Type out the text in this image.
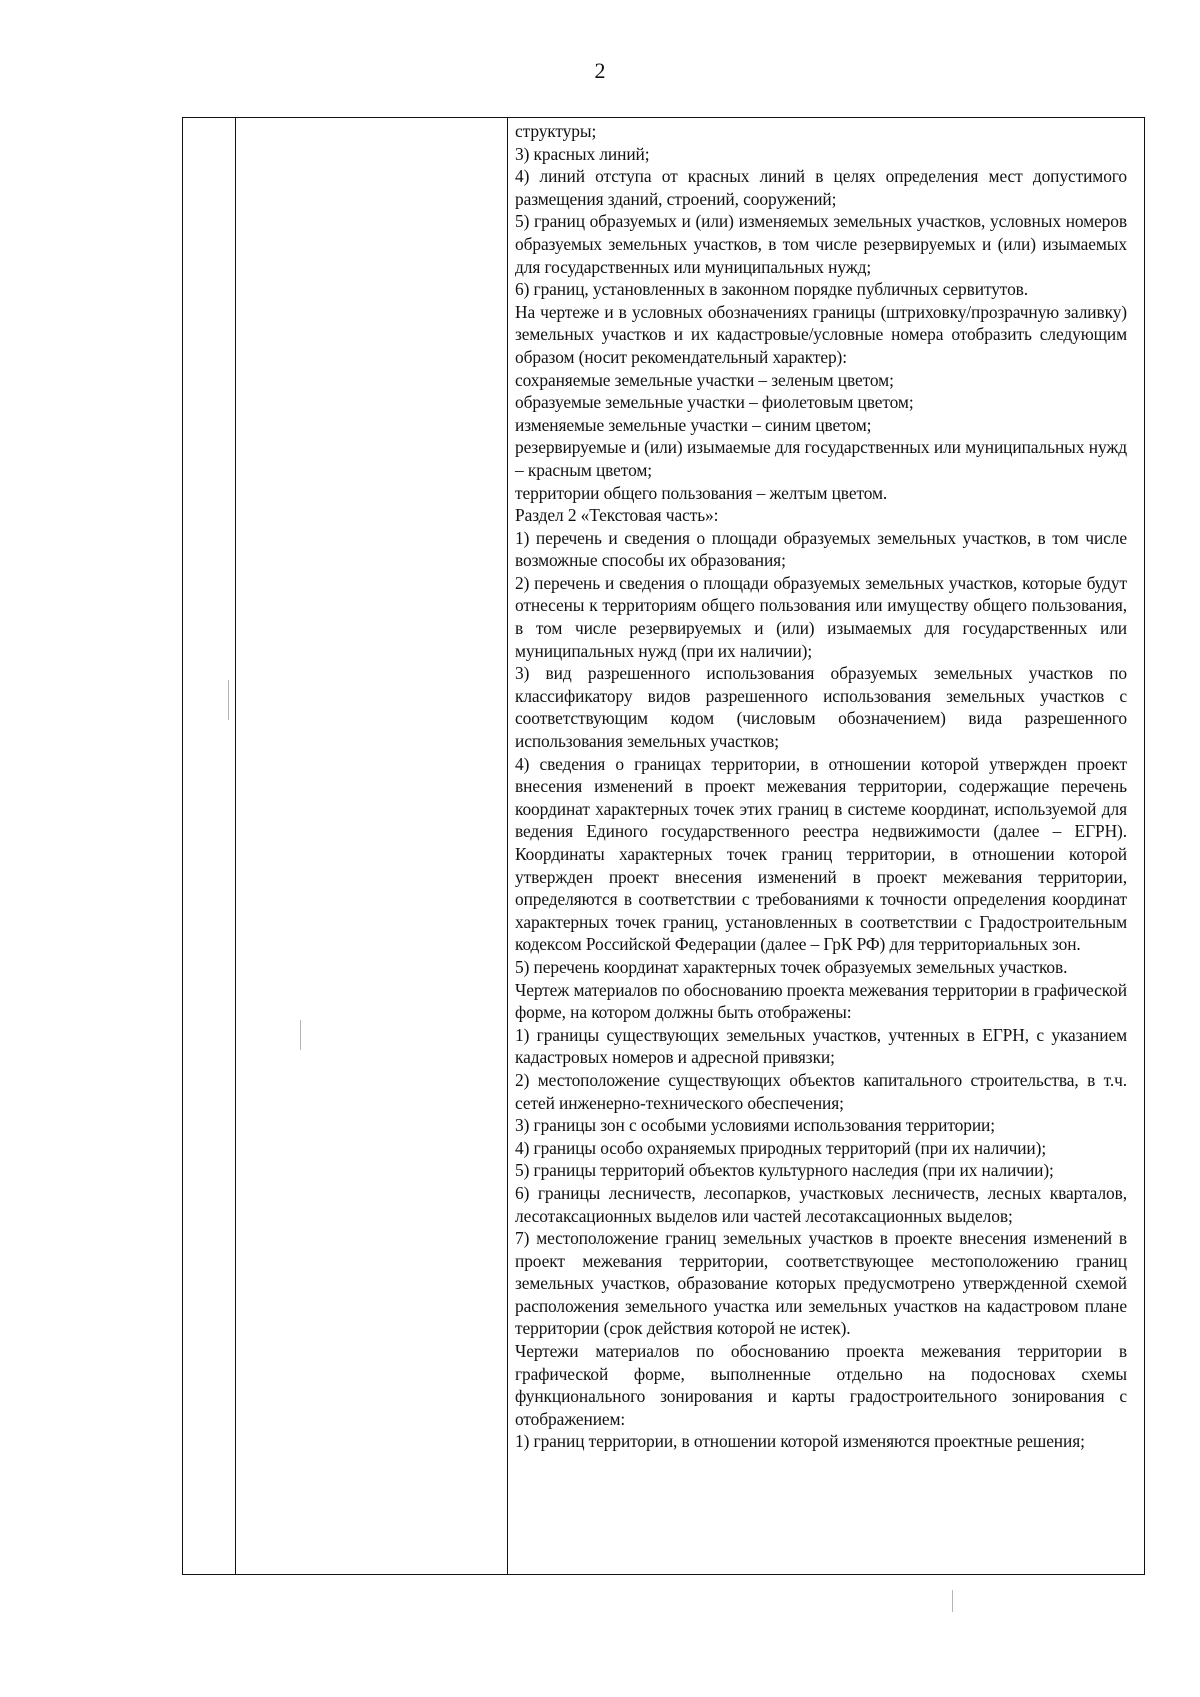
2

структуры;

3) красных линий;

4) линий отступа от красных линий в целях определения мест допустимого размещения зданий, строений, сооружений;

5) границ образуемых и (или) изменяемых земельных участков, условных номеров образуемых земельных участков, в том числе резервируемых и (или) изымаемых для государственных или муниципальных нужд;

6) границ, установленных в законном порядке публичных сервитутов.

На чертеже и в условных обозначениях границы (штриховку/прозрачную заливку) земельных участков и их кадастровые/условные номера отобразить следующим образом (носит рекомендательный характер):

сохраняемые земельные участки – зеленым цветом;

образуемые земельные участки – фиолетовым цветом;

изменяемые земельные участки – синим цветом;

резервируемые и (или) изымаемые для государственных или муниципальных нужд – красным цветом;

территории общего пользования – желтым цветом.

Раздел 2 «Текстовая часть»:

1) перечень и сведения о площади образуемых земельных участков, в том числе возможные способы их образования;

2) перечень и сведения о площади образуемых земельных участков, которые будут отнесены к территориям общего пользования или имуществу общего пользования, в том числе резервируемых и (или) изымаемых для государственных или муниципальных нужд (при их наличии);

3) вид разрешенного использования образуемых земельных участков по классификатору видов разрешенного использования земельных участков с соответствующим кодом (числовым обозначением) вида разрешенного использования земельных участков;

4) сведения о границах территории, в отношении которой утвержден проект внесения изменений в проект межевания территории, содержащие перечень координат характерных точек этих границ в системе координат, используемой для ведения Единого государственного реестра недвижимости (далее – ЕГРН). Координаты характерных точек границ территории, в отношении которой утвержден проект внесения изменений в проект межевания территории, определяются в соответствии с требованиями к точности определения координат характерных точек границ, установленных в соответствии с Градостроительным кодексом Российской Федерации (далее – ГрК РФ) для территориальных зон.

5) перечень координат характерных точек образуемых земельных участков.

Чертеж материалов по обоснованию проекта межевания территории в графической форме, на котором должны быть отображены:

1) границы существующих земельных участков, учтенных в ЕГРН, с указанием кадастровых номеров и адресной привязки;

2) местоположение существующих объектов капитального строительства, в т.ч. сетей инженерно-технического обеспечения;

3) границы зон с особыми условиями использования территории;

4) границы особо охраняемых природных территорий (при их наличии);

5) границы территорий объектов культурного наследия (при их наличии);

6) границы лесничеств, лесопарков, участковых лесничеств, лесных кварталов, лесотаксационных выделов или частей лесотаксационных выделов;

7) местоположение границ земельных участков в проекте внесения изменений в проект межевания территории, соответствующее местоположению границ земельных участков, образование которых предусмотрено утвержденной схемой расположения земельного участка или земельных участков на кадастровом плане территории (срок действия которой не истек).

Чертежи материалов по обоснованию проекта межевания территории в графической форме, выполненные отдельно на подосновах схемы функционального зонирования и карты градостроительного зонирования с отображением:

1) границ территории, в отношении которой изменяются проектные решения;
